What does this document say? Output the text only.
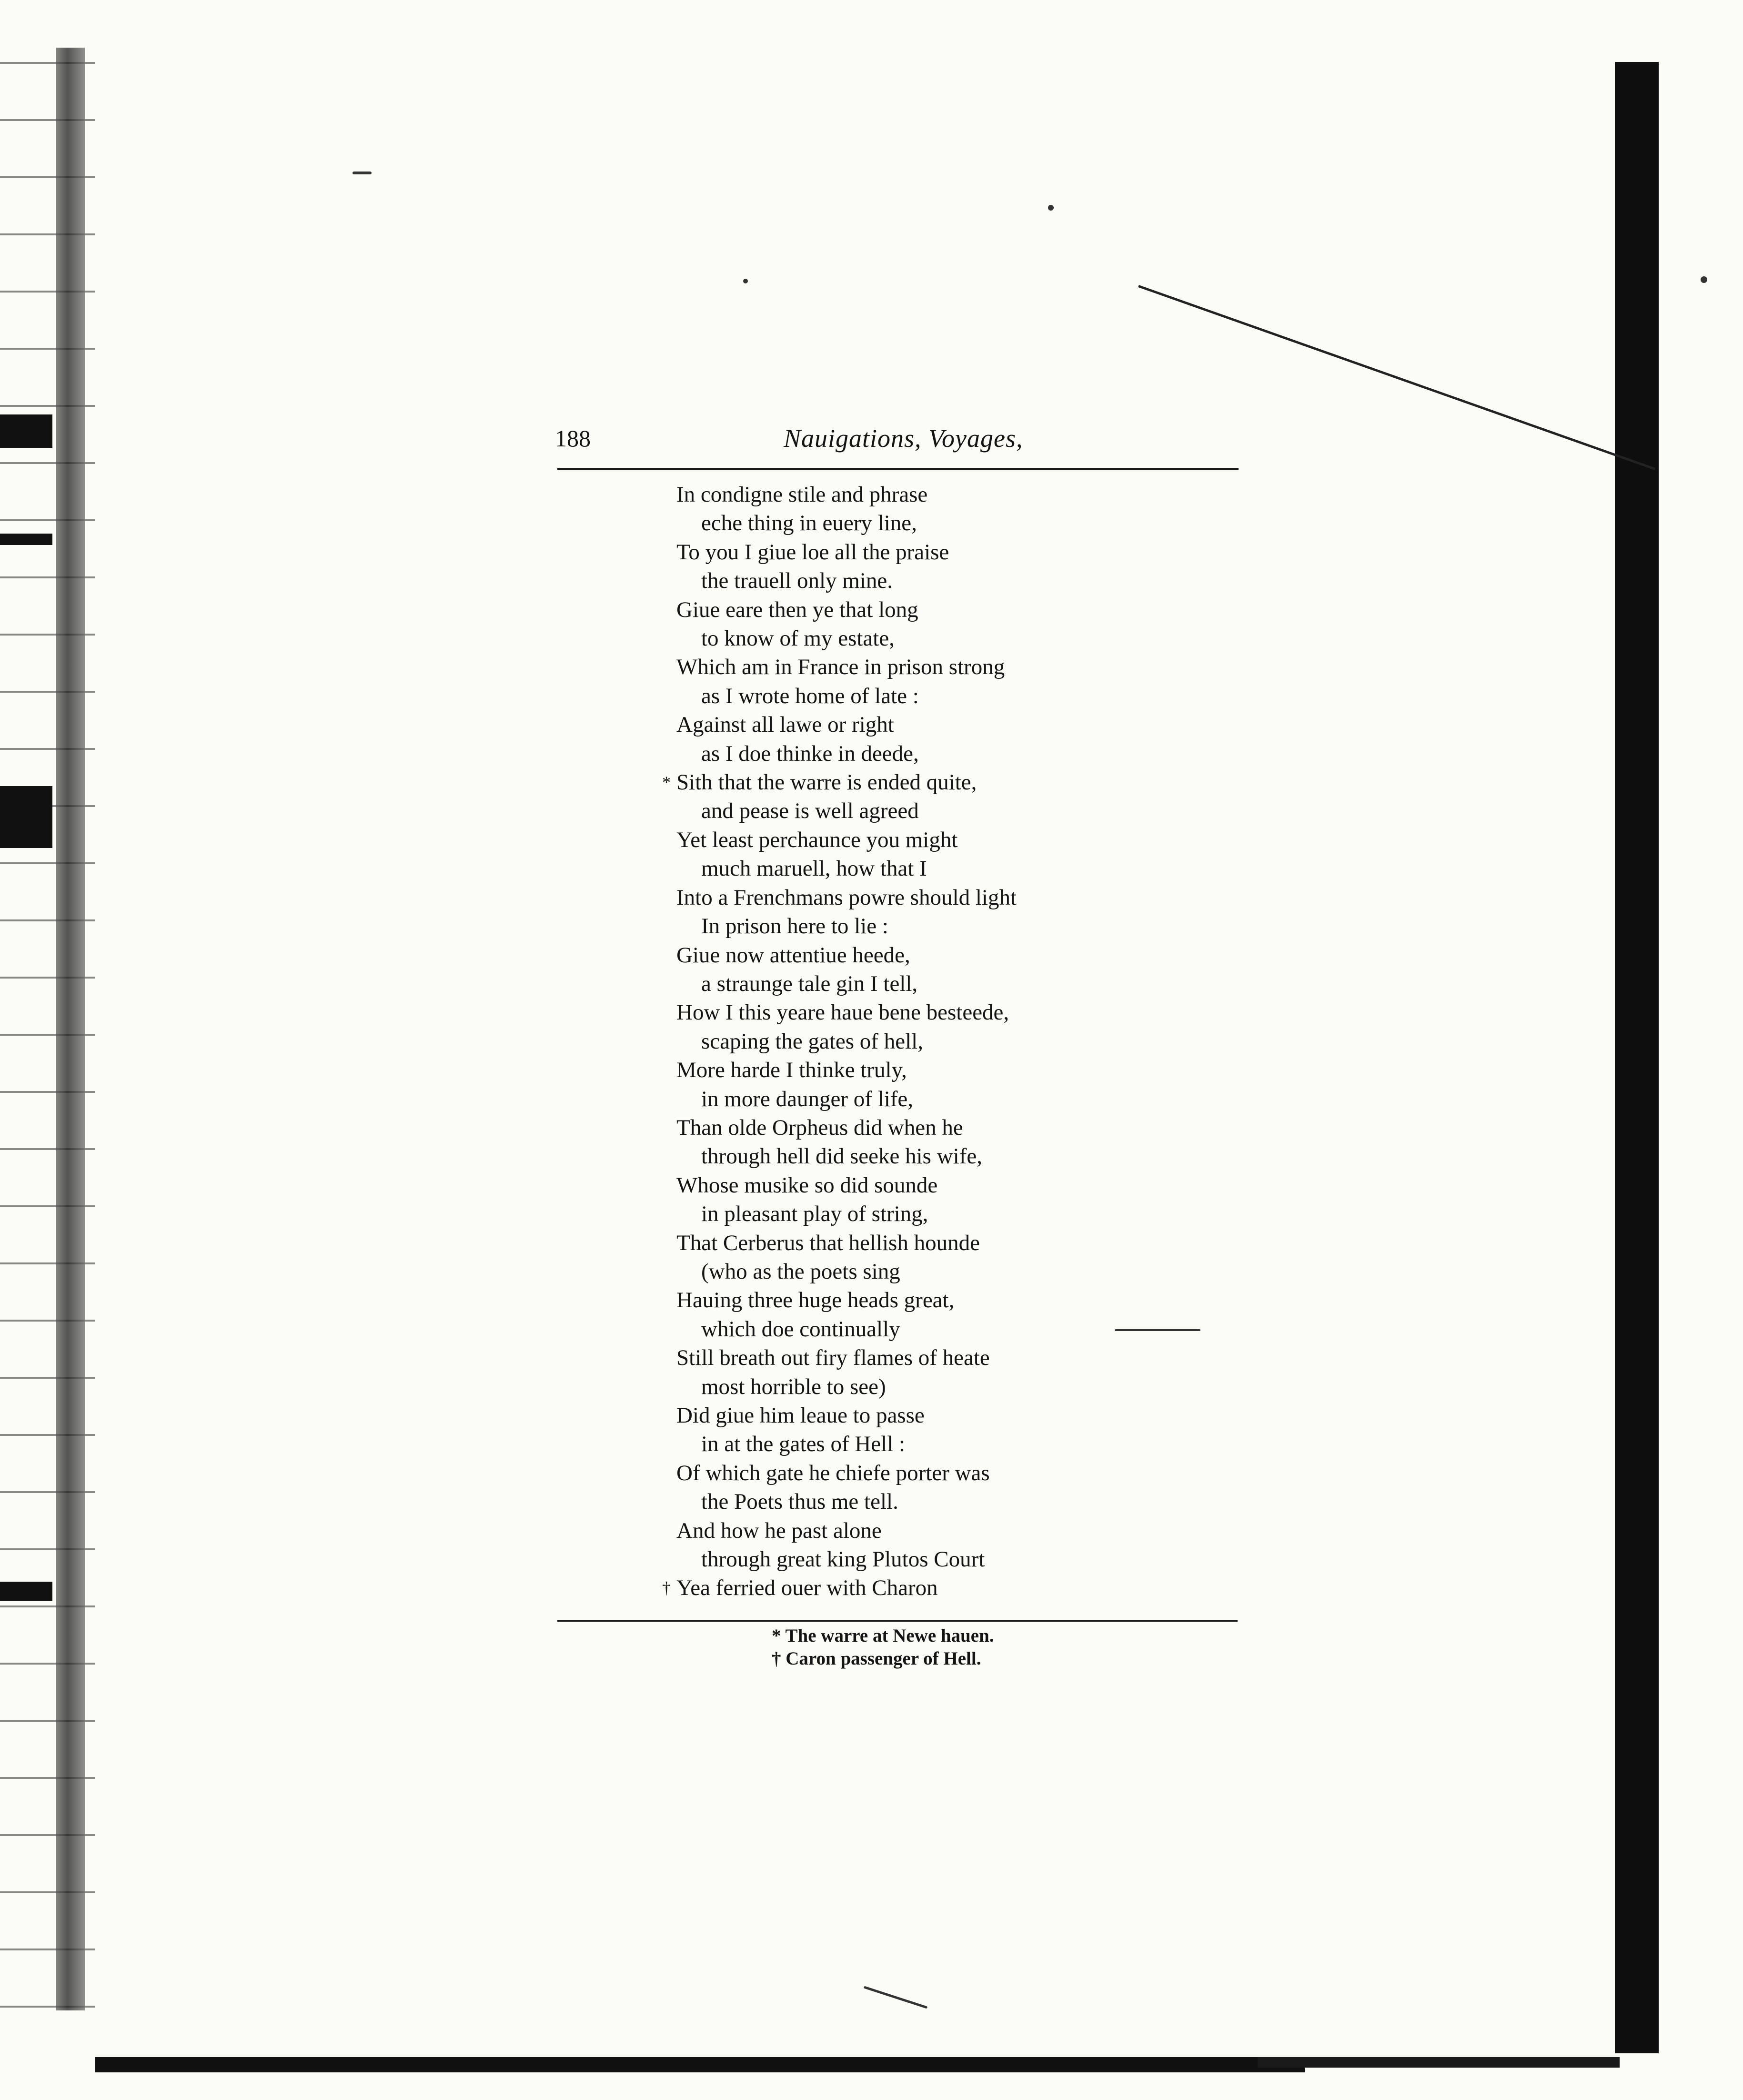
188	Nauigations, Voyages,
In condigne stile and phrase
eche thing in euery line,
To you I giue loe all the praise
the trauell only mine.
Giue eare then ye that long
to know of my estate,
Which am in France in prison strong
as I wrote home of late :
Against all lawe or right
as I doe thinke in deede,
* Sith that the warre is ended quite,
and pease is well agreed
Yet least perchaunce you might
much maruell, how that I
Into a Frenchmans powre should light
In prison here to lie :
Giue now attentiue heede,
a straunge tale gin I tell,
How I this yeare haue bene besteede,
scaping the gates of hell,
More harde I thinke truly,
in more daunger of life,
Than olde Orpheus did when he
through hell did seeke his wife,
Whose musike so did sounde
in pleasant play of string,
That Cerberus that hellish hounde
(who as the poets sing
Hauing three huge heads great,
which doe continually
Still breath out firy flames of heate
most horrible to see)
Did giue him leaue to passe
in at the gates of Hell :
Of which gate he chiefe porter was
the Poets thus me tell.
And how he past alone
through great king Plutos Court
† Yea ferried ouer with Charon
* The warre at Newe hauen.
† Caron passenger of Hell.
